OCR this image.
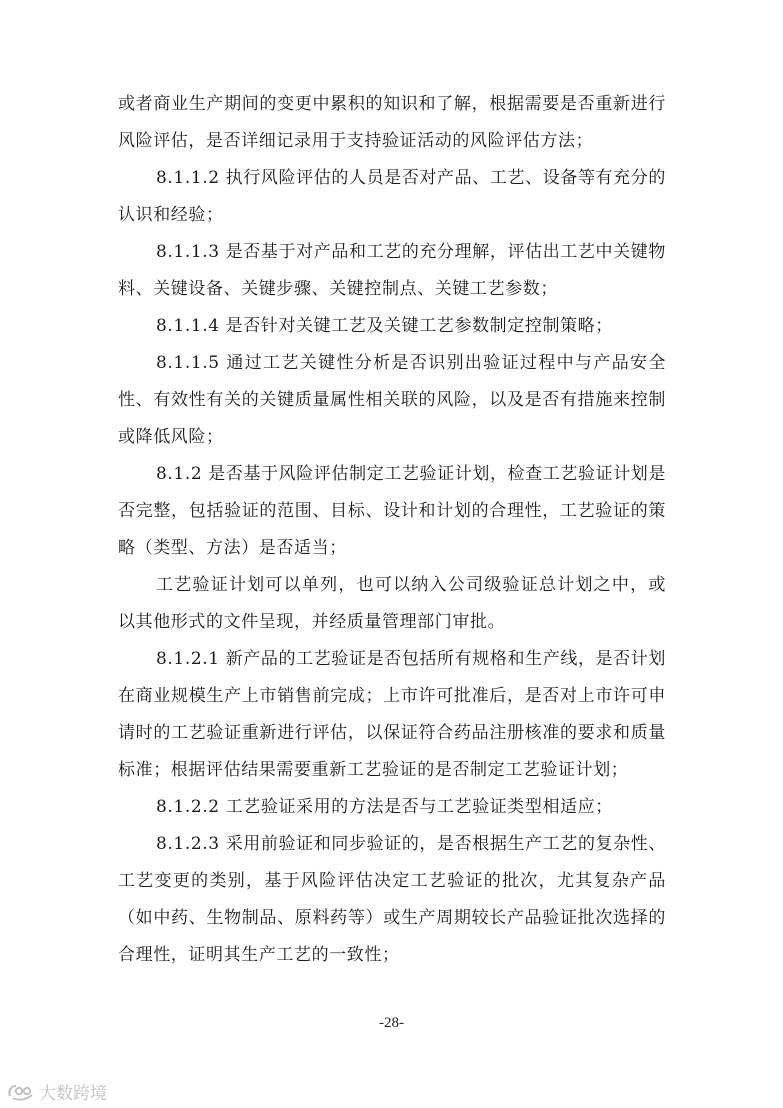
或者商业生产期间的变更中累积的知识和了解，根据需要是否重新进行风险评估，是否详细记录用于支持验证活动的风险评估方法；

8.1.1.2 执行风险评估的人员是否对产品、工艺、设备等有充分的认识和经验；

8.1.1.3 是否基于对产品和工艺的充分理解，评估出工艺中关键物料、关键设备、关键步骤、关键控制点、关键工艺参数；

8.1.1.4 是否针对关键工艺及关键工艺参数制定控制策略；

8.1.1.5 通过工艺关键性分析是否识别出验证过程中与产品安全性、有效性有关的关键质量属性相关联的风险，以及是否有措施来控制或降低风险；

8.1.2 是否基于风险评估制定工艺验证计划，检查工艺验证计划是否完整，包括验证的范围、目标、设计和计划的合理性，工艺验证的策略（类型、方法）是否适当；

工艺验证计划可以单列，也可以纳入公司级验证总计划之中，或以其他形式的文件呈现，并经质量管理部门审批。

8.1.2.1 新产品的工艺验证是否包括所有规格和生产线，是否计划在商业规模生产上市销售前完成；上市许可批准后，是否对上市许可申请时的工艺验证重新进行评估，以保证符合药品注册核准的要求和质量标准；根据评估结果需要重新工艺验证的是否制定工艺验证计划；

8.1.2.2 工艺验证采用的方法是否与工艺验证类型相适应；

8.1.2.3 采用前验证和同步验证的，是否根据生产工艺的复杂性、工艺变更的类别，基于风险评估决定工艺验证的批次，尤其复杂产品（如中药、生物制品、原料药等）或生产周期较长产品验证批次选择的合理性，证明其生产工艺的一致性；

-28-
大数跨境
